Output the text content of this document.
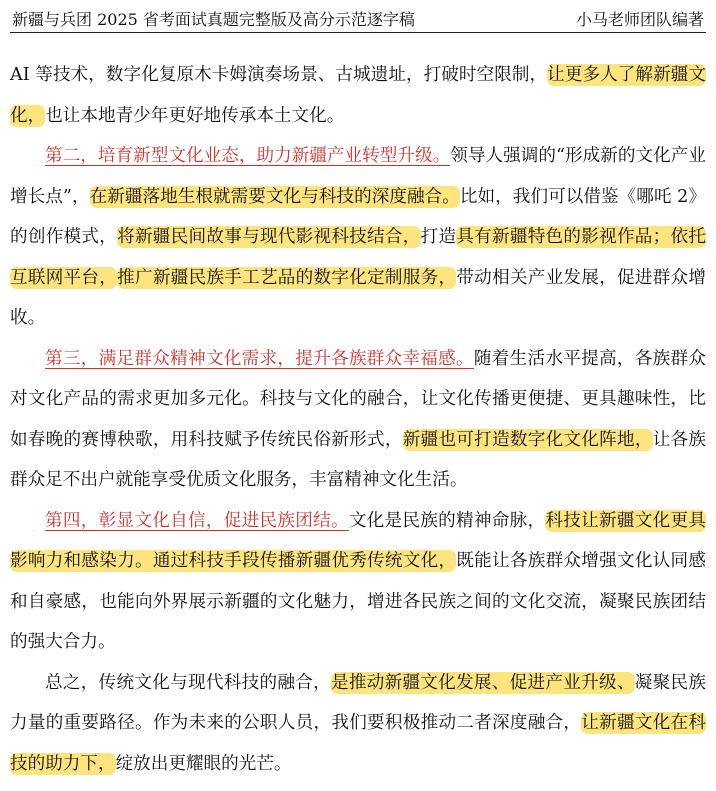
新疆与兵团 2025 省考面试真题完整版及高分示范逐字稿	小马老师团队编著

AI 等技术，数字化复原木卡姆演奏场景、古城遗址，打破时空限制，让更多人了解新疆文化，也让本地青少年更好地传承本土文化。

第二，培育新型文化业态，助力新疆产业转型升级。领导人强调的“形成新的文化产业增长点”，在新疆落地生根就需要文化与科技的深度融合。比如，我们可以借鉴《哪吒 2》的创作模式，将新疆民间故事与现代影视科技结合，打造具有新疆特色的影视作品；依托互联网平台，推广新疆民族手工艺品的数字化定制服务，带动相关产业发展，促进群众增收。

第三，满足群众精神文化需求，提升各族群众幸福感。随着生活水平提高，各族群众对文化产品的需求更加多元化。科技与文化的融合，让文化传播更便捷、更具趣味性，比如春晚的赛博秧歌，用科技赋予传统民俗新形式，新疆也可打造数字化文化阵地，让各族群众足不出户就能享受优质文化服务，丰富精神文化生活。

第四，彰显文化自信，促进民族团结。文化是民族的精神命脉，科技让新疆文化更具影响力和感染力。通过科技手段传播新疆优秀传统文化，既能让各族群众增强文化认同感和自豪感，也能向外界展示新疆的文化魅力，增进各民族之间的文化交流，凝聚民族团结的强大合力。

总之，传统文化与现代科技的融合，是推动新疆文化发展、促进产业升级、凝聚民族力量的重要路径。作为未来的公职人员，我们要积极推动二者深度融合，让新疆文化在科技的助力下，绽放出更耀眼的光芒。
